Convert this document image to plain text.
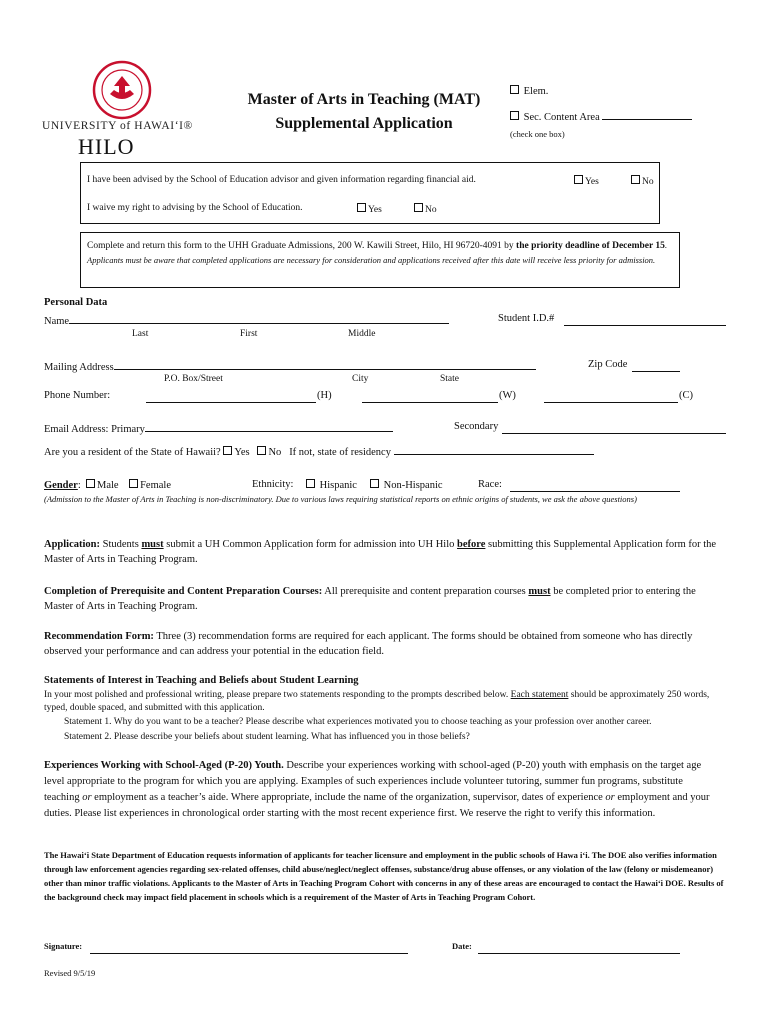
UNIVERSITY of HAWAIʻI®
HILO
Master of Arts in Teaching (MAT)
Supplemental Application
Elem.
Sec. Content Area
(check one box)
I have been advised by the School of Education advisor and given information regarding financial aid.	Yes	No
I waive my right to advising by the School of Education.	Yes	No
Complete and return this form to the UHH Graduate Admissions, 200 W. Kawili Street, Hilo, HI 96720-4091 by the priority deadline of December 15. Applicants must be aware that completed applications are necessary for consideration and applications received after this date will receive less priority for admission.
Personal Data
Name	Student I.D.#
Last	First	Middle
Mailing Address	Zip Code
P.O. Box/Street	City	State
Phone Number:	(H)	(W)	(C)
Email Address: Primary	Secondary
Are you a resident of the State of Hawaii? Yes No If not, state of residency
Gender:  Male Female	Ethnicity:	Hispanic	Non-Hispanic	Race:
(Admission to the Master of Arts in Teaching is non-discriminatory. Due to various laws requiring statistical reports on ethnic origins of students, we ask the above questions)
Application: Students must submit a UH Common Application form for admission into UH Hilo before submitting this Supplemental Application form for the Master of Arts in Teaching Program.
Completion of Prerequisite and Content Preparation Courses: All prerequisite and content preparation courses must be completed prior to entering the Master of Arts in Teaching Program.
Recommendation Form: Three (3) recommendation forms are required for each applicant. The forms should be obtained from someone who has directly observed your performance and can address your potential in the education field.
Statements of Interest in Teaching and Beliefs about Student Learning
In your most polished and professional writing, please prepare two statements responding to the prompts described below. Each statement should be approximately 250 words, typed, double spaced, and submitted with this application.
Statement 1. Why do you want to be a teacher? Please describe what experiences motivated you to choose teaching as your profession over another career.
Statement 2. Please describe your beliefs about student learning. What has influenced you in those beliefs?
Experiences Working with School-Aged (P-20) Youth. Describe your experiences working with school-aged (P-20) youth with emphasis on the target age level appropriate to the program for which you are applying. Examples of such experiences include volunteer tutoring, summer fun programs, substitute teaching or employment as a teacher’s aide. Where appropriate, include the name of the organization, supervisor, dates of experience or employment and your duties. Please list experiences in chronological order starting with the most recent experience first. We reserve the right to verify this information.
The Hawai‘i State Department of Education requests information of applicants for teacher licensure and employment in the public schools of Hawa i‘i. The DOE also verifies information through law enforcement agencies regarding sex-related offenses, child abuse/neglect/neglect offenses, substance/drug abuse offenses, or any violation of the law (felony or misdemeanor) other than minor traffic violations. Applicants to the Master of Arts in Teaching Program Cohort with concerns in any of these areas are encouraged to contact the Hawai‘i DOE. Results of the background check may impact field placement in schools which is a requirement of the Master of Arts in Teaching Program Cohort.
Signature:	Date:
Revised 9/5/19
